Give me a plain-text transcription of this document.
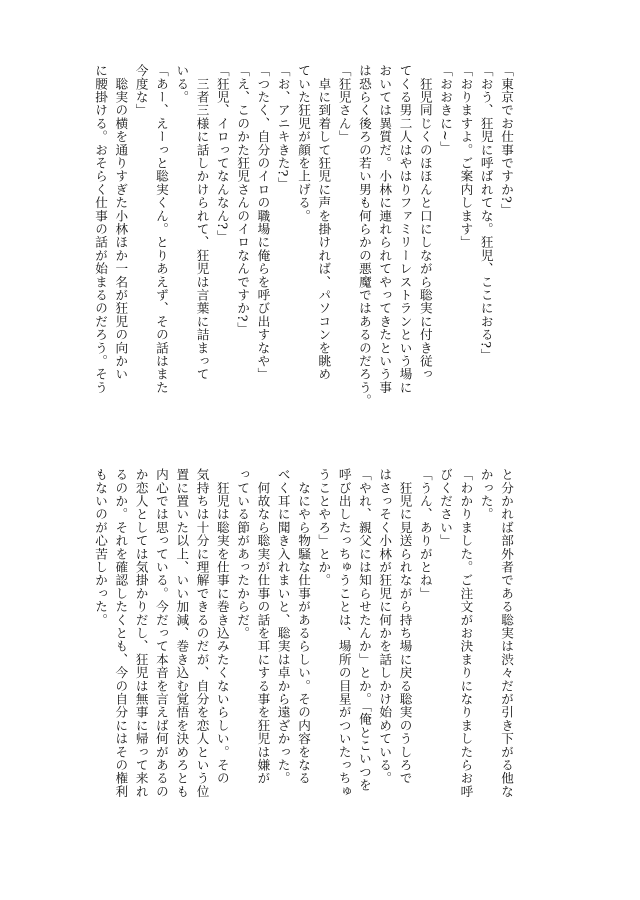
「東京でお仕事ですか?」
「おう、狂児に呼ばれてな。狂児、ここにおる?」
「おりますよ。ご案内します」
「おおきに~」
　狂児同じくのほほんと口にしながら聡実に付き従っ
てくる男二人はやはりファミリーレストランという場に
おいては異質だ。小林に連れられてやってきたという事
は恐らく後ろの若い男も何らかの悪魔ではあるのだろう。
「狂児さん」
　卓に到着して狂児に声を掛ければ、パソコンを眺め
ていた狂児が顔を上げる。
「お、アニキきた?」
「つたく、自分のイロの職場に俺らを呼び出すなや」
「え、このかた狂児さんのイロなんですか?」
「狂児、イロってなんなん?」
　三者三様に話しかけられて、狂児は言葉に詰まって
いる。
「あー、えーっと聡実くん。とりあえず、その話はまた
今度な」
　聡実の横を通りすぎた小林ほか一名が狂児の向かい
に腰掛ける。おそらく仕事の話が始まるのだろう。そう
と分かれば部外者である聡実は渋々だが引き下がる他な
かった。
「わかりました。ご注文がお決まりになりましたらお呼
びください」
「うん、ありがとね」
　狂児に見送られながら持ち場に戻る聡実のうしろで
はさっそく小林が狂児に何かを話しかけ始めている。
「やれ、親父には知らせたんか」とか。「俺とこいつを
呼び出したっちゅうことは、場所の目星がついたっちゅ
うことやろ」とか。
　なにやら物騒な仕事があるらしい。その内容をなる
べく耳に聞き入れまいと、聡実は卓から遠ざかった。
　何故なら聡実が仕事の話を耳にする事を狂児は嫌が
っている節があったからだ。
　狂児は聡実を仕事に巻き込みたくないらしい。その
気持ちは十分に理解できるのだが、自分を恋人という位
置に置いた以上、いい加減、巻き込む覚悟を決めろとも
内心では思っている。今だって本音を言えば何があるの
か恋人としては気掛かりだし、狂児は無事に帰って来れ
るのか。それを確認したくとも、今の自分にはその権利
もないのが心苦しかった。
